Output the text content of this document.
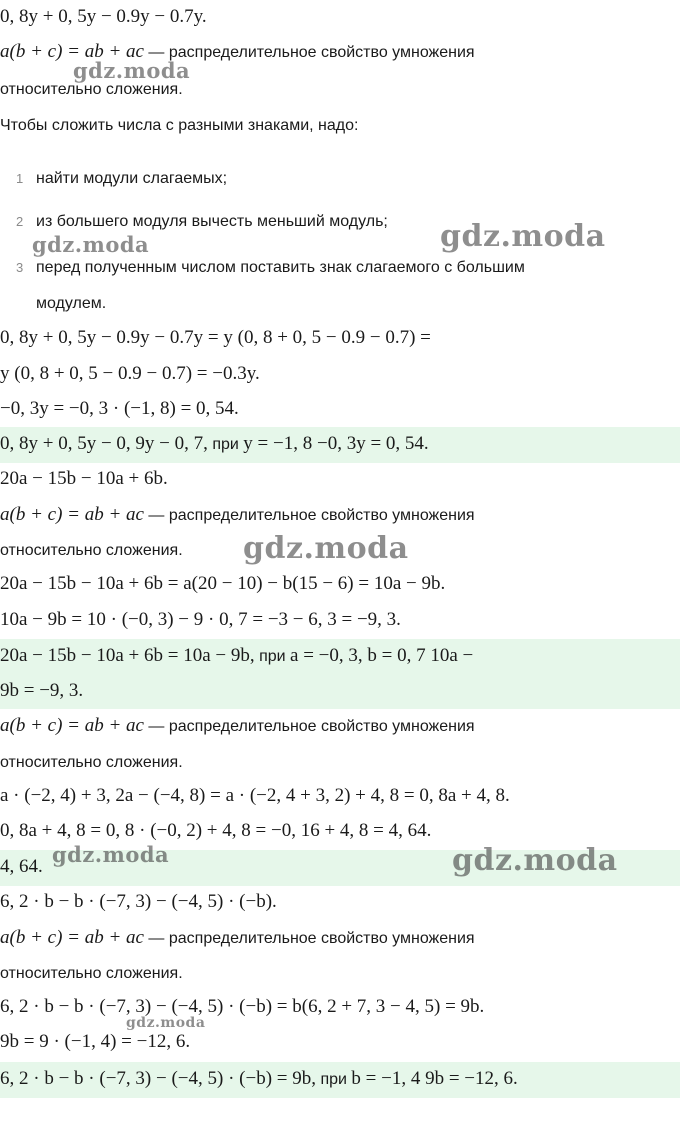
0, 8y + 0, 5y − 0.9y − 0.7y.
a(b + c) = ab + ac — распределительное свойство умножения
относительно сложения.
Чтобы сложить числа с разными знаками, надо:
1 найти модули слагаемых;
2 из большего модуля вычесть меньший модуль;
3 перед полученным числом поставить знак слагаемого с большим
модулем.
0, 8y + 0, 5y − 0.9y − 0.7y = y (0, 8 + 0, 5 − 0.9 − 0.7) =
y (0, 8 + 0, 5 − 0.9 − 0.7) = −0.3y.
−0, 3y = −0, 3 · (−1, 8) = 0, 54.
0, 8y + 0, 5y − 0, 9y − 0, 7, при y = −1, 8 −0, 3y = 0, 54.
20a − 15b − 10a + 6b.
a(b + c) = ab + ac — распределительное свойство умножения
относительно сложения.
20a − 15b − 10a + 6b = a(20 − 10) − b(15 − 6) = 10a − 9b.
10a − 9b = 10 · (−0, 3) − 9 · 0, 7 = −3 − 6, 3 = −9, 3.
20a − 15b − 10a + 6b = 10a − 9b, при a = −0, 3, b = 0, 7 10a −
9b = −9, 3.
a(b + c) = ab + ac — распределительное свойство умножения
относительно сложения.
a · (−2, 4) + 3, 2a − (−4, 8) = a · (−2, 4 + 3, 2) + 4, 8 = 0, 8a + 4, 8.
0, 8a + 4, 8 = 0, 8 · (−0, 2) + 4, 8 = −0, 16 + 4, 8 = 4, 64.
4, 64.
6, 2 · b − b · (−7, 3) − (−4, 5) · (−b).
a(b + c) = ab + ac — распределительное свойство умножения
относительно сложения.
6, 2 · b − b · (−7, 3) − (−4, 5) · (−b) = b(6, 2 + 7, 3 − 4, 5) = 9b.
9b = 9 · (−1, 4) = −12, 6.
6, 2 · b − b · (−7, 3) − (−4, 5) · (−b) = 9b, при b = −1, 4 9b = −12, 6.
gdz.moda
gdz.moda
gdz.moda
gdz.moda
gdz.moda	gdz.moda
gdz.moda
